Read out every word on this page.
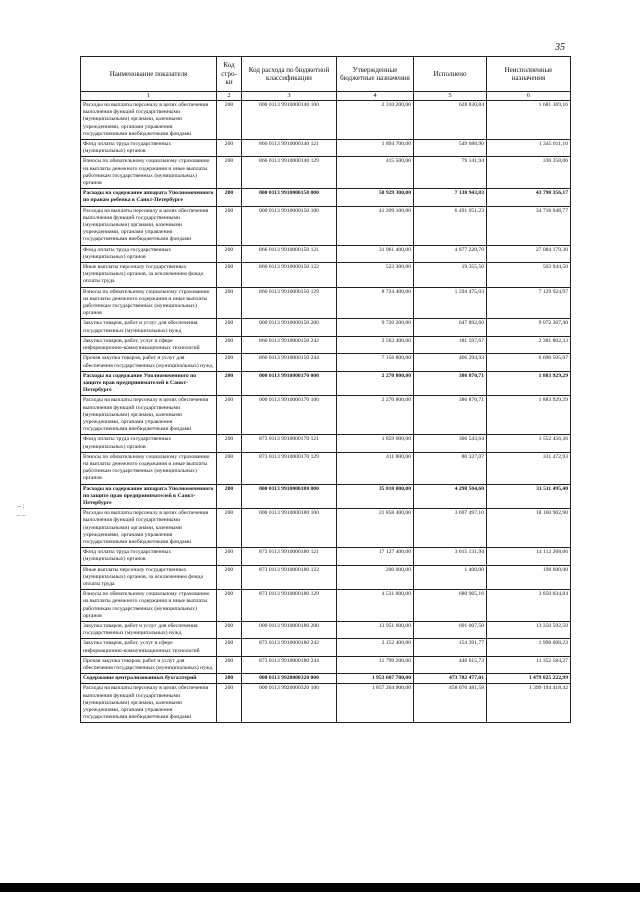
35
– :
– –
Наименование показателя	Код стро-ки	Код расхода по бюджетной классификации	Утвержденные бюджетные назначения	Исполнено	Неисполненные назначения
1	2	3	4	5	6
Расходы на выплаты персоналу в целях обеспечения выполнения функций государственными (муниципальными) органами, казенными учреждениями, органами управления государственными внебюджетными фондами	200	000 0113 9910000140 100	2 310 200,00	628 830,84	1 681 369,16
Фонд оплаты труда государственных (муниципальных) органов	200	866 0113 9910000140 121	1 894 700,00	549 688,90	1 345 011,10
Взносы по обязательному социальному страхованию на выплаты денежного содержания и иные выплаты работникам государственных (муниципальных) органов	200	866 0113 9910000140 129	415 500,00	79 141,94	336 358,06
Расходы на содержание аппарата Уполномоченного по правам ребенка в Санкт-Петербурге	200	000 0113 9910000150 000	50 929 300,00	7 138 943,83	43 790 356,17
Расходы на выплаты персоналу в целях обеспечения выполнения функций государственными (муниципальными) органами, казенными учреждениями, органами управления государственными внебюджетными фондами	200	000 0113 9910000150 100	41 209 100,00	6 491 051,23	34 718 048,77
Фонд оплаты труда государственных (муниципальных) органов	200	866 0113 9910000150 121	31 961 400,00	4 877 220,70	27 084 179,30
Иные выплаты персоналу государственных (муниципальных) органов, за исключением фонда оплаты труда	200	866 0113 9910000150 122	523 300,00	19 355,50	503 944,50
Взносы по обязательному социальному страхованию на выплаты денежного содержания и иные выплаты работникам государственных (муниципальных) органов	200	866 0113 9910000150 129	8 724 400,00	1 594 475,03	7 129 924,97
Закупка товаров, работ и услуг для обеспечения государственных (муниципальных) нужд	200	000 0113 9910000150 200	9 720 200,00	647 892,60	9 072 307,40
Закупка товаров, работ, услуг в сфере информационно-коммуникационных технологий	200	866 0113 9910000150 242	2 563 400,00	181 597,67	2 381 802,33
Прочая закупка товаров, работ и услуг для обеспечения государственных (муниципальных) нужд	200	866 0113 9910000150 244	7 156 800,00	466 294,93	6 690 505,07
Расходы на содержание Уполномоченного по защите прав предпринимателей в Санкт-Петербурге	200	000 0113 9910000170 000	2 270 800,00	386 870,71	1 883 929,29
Расходы на выплаты персоналу в целях обеспечения выполнения функций государственными (муниципальными) органами, казенными учреждениями, органами управления государственными внебюджетными фондами	200	000 0113 9910000170 100	2 270 800,00	386 870,71	1 883 929,29
Фонд оплаты труда государственных (муниципальных) органов	200	873 0113 9910000170 121	1 859 000,00	306 543,64	1 552 456,36
Взносы по обязательному социальному страхованию на выплаты денежного содержания и иные выплаты работникам государственных (муниципальных) органов	200	873 0113 9910000170 129	411 800,00	80 327,07	331 472,93
Расходы на содержание аппарата Уполномоченного по защите прав предпринимателей в Санкт-Петербурге	200	000 0113 9910000180 000	35 810 000,00	4 298 504,60	31 511 495,40
Расходы на выплаты персоналу в целях обеспечения выполнения функций государственными (муниципальными) органами, казенными учреждениями, органами управления государственными внебюджетными фондами	200	000 0113 9910000180 100	21 858 400,00	3 697 497,10	18 160 902,90
Фонд оплаты труда государственных (муниципальных) органов	200	873 0113 9910000180 121	17 127 400,00	3 015 131,94	14 112 268,06
Иные выплаты персоналу государственных (муниципальных) органов, за исключением фонда оплаты труда	200	873 0113 9910000180 122	200 000,00	1 400,00	198 600,00
Взносы по обязательному социальному страхованию на выплаты денежного содержания и иные выплаты работникам государственных (муниципальных) органов	200	873 0113 9910000180 129	4 531 000,00	680 965,16	3 850 034,84
Закупка товаров, работ и услуг для обеспечения государственных (муниципальных) нужд	200	000 0113 9910000180 200	13 951 600,00	601 007,50	13 350 592,50
Закупка товаров, работ, услуг в сфере информационно-коммуникационных технологий	200	873 0113 9910000180 242	2 152 400,00	154 391,77	1 998 008,23
Прочая закупка товаров, работ и услуг для обеспечения государственных (муниципальных) нужд	200	873 0113 9910000180 244	11 799 200,00	446 615,73	11 352 584,27
Содержание централизованных бухгалтерий	200	000 0113 9920000320 000	1 953 607 700,00	473 782 477,01	1 479 825 222,99
Расходы на выплаты персоналу в целях обеспечения выполнения функций государственными (муниципальными) органами, казенными учреждениями, органами управления государственными внебюджетными фондами	200	000 0113 9920000320 100	1 857 264 900,00	458 070 481,58	1 399 194 418,42
